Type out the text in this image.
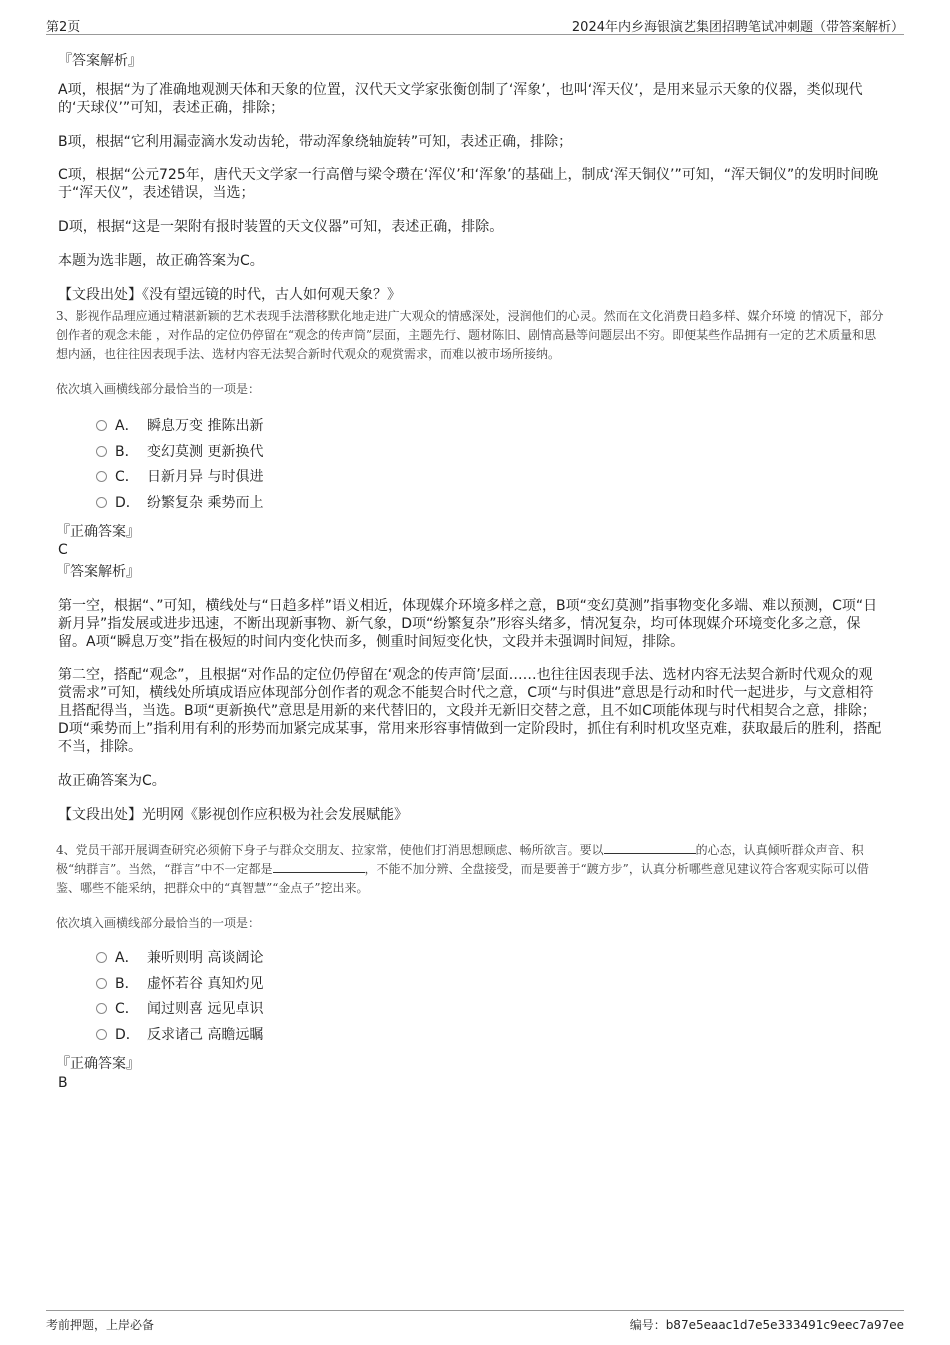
第2页	2024年内乡海银演艺集团招聘笔试冲刺题（带答案解析）

『答案解析』

A项，根据“为了准确地观测天体和天象的位置，汉代天文学家张衡创制了‘浑象’，也叫‘浑天仪’，是用来显示天象的仪器，类似现代的‘天球仪’”可知，表述正确，排除；

B项，根据“它利用漏壶滴水发动齿轮，带动浑象绕轴旋转”可知，表述正确，排除；

C项，根据“公元725年，唐代天文学家一行高僧与梁令瓒在‘浑仪’和‘浑象’的基础上，制成‘浑天铜仪’”可知，“浑天铜仪”的发明时间晚于“浑天仪”，表述错误，当选；

D项，根据“这是一架附有报时装置的天文仪器”可知，表述正确，排除。

本题为选非题，故正确答案为C。

【文段出处】《没有望远镜的时代，古人如何观天象？》

3、影视作品理应通过精湛新颖的艺术表现手法潜移默化地走进广大观众的情感深处，浸润他们的心灵。然而在文化消费日趋多样、媒介环境 的情况下，部分创作者的观念未能 ，对作品的定位仍停留在“观念的传声筒”层面，主题先行、题材陈旧、剧情高悬等问题层出不穷。即便某些作品拥有一定的艺术质量和思想内涵，也往往因表现手法、选材内容无法契合新时代观众的观赏需求，而难以被市场所接纳。

依次填入画横线部分最恰当的一项是：

A． 瞬息万变 推陈出新
B． 变幻莫测 更新换代
C． 日新月异 与时俱进
D． 纷繁复杂 乘势而上

『正确答案』

C

『答案解析』

第一空，根据“、”可知，横线处与“日趋多样”语义相近，体现媒介环境多样之意，B项“变幻莫测”指事物变化多端、难以预测，C项“日新月异”指发展或进步迅速，不断出现新事物、新气象，D项“纷繁复杂”形容头绪多，情况复杂，均可体现媒介环境变化多之意，保留。A项“瞬息万变”指在极短的时间内变化快而多，侧重时间短变化快，文段并未强调时间短，排除。

第二空，搭配“观念”，且根据“对作品的定位仍停留在‘观念的传声筒’层面……也往往因表现手法、选材内容无法契合新时代观众的观赏需求”可知，横线处所填成语应体现部分创作者的观念不能契合时代之意，C项“与时俱进”意思是行动和时代一起进步，与文意相符且搭配得当，当选。B项“更新换代”意思是用新的来代替旧的，文段并无新旧交替之意，且不如C项能体现与时代相契合之意，排除；D项“乘势而上”指利用有利的形势而加紧完成某事，常用来形容事情做到一定阶段时，抓住有利时机攻坚克难，获取最后的胜利，搭配不当，排除。

故正确答案为C。

【文段出处】光明网《影视创作应积极为社会发展赋能》

4、党员干部开展调查研究必须俯下身子与群众交朋友、拉家常，使他们打消思想顾虑、畅所欲言。要以	的心态，认真倾听群众声音、积极“纳群言”。当然，“群言”中不一定都是	，不能不加分辨、全盘接受，而是要善于“踱方步”，认真分析哪些意见建议符合客观实际可以借鉴、哪些不能采纳，把群众中的“真智慧”“金点子”挖出来。

依次填入画横线部分最恰当的一项是：

A． 兼听则明 高谈阔论
B． 虚怀若谷 真知灼见
C． 闻过则喜 远见卓识
D． 反求诸己 高瞻远瞩

『正确答案』

B

考前押题，上岸必备	编号：b87e5eaac1d7e5e333491c9eec7a97ee
